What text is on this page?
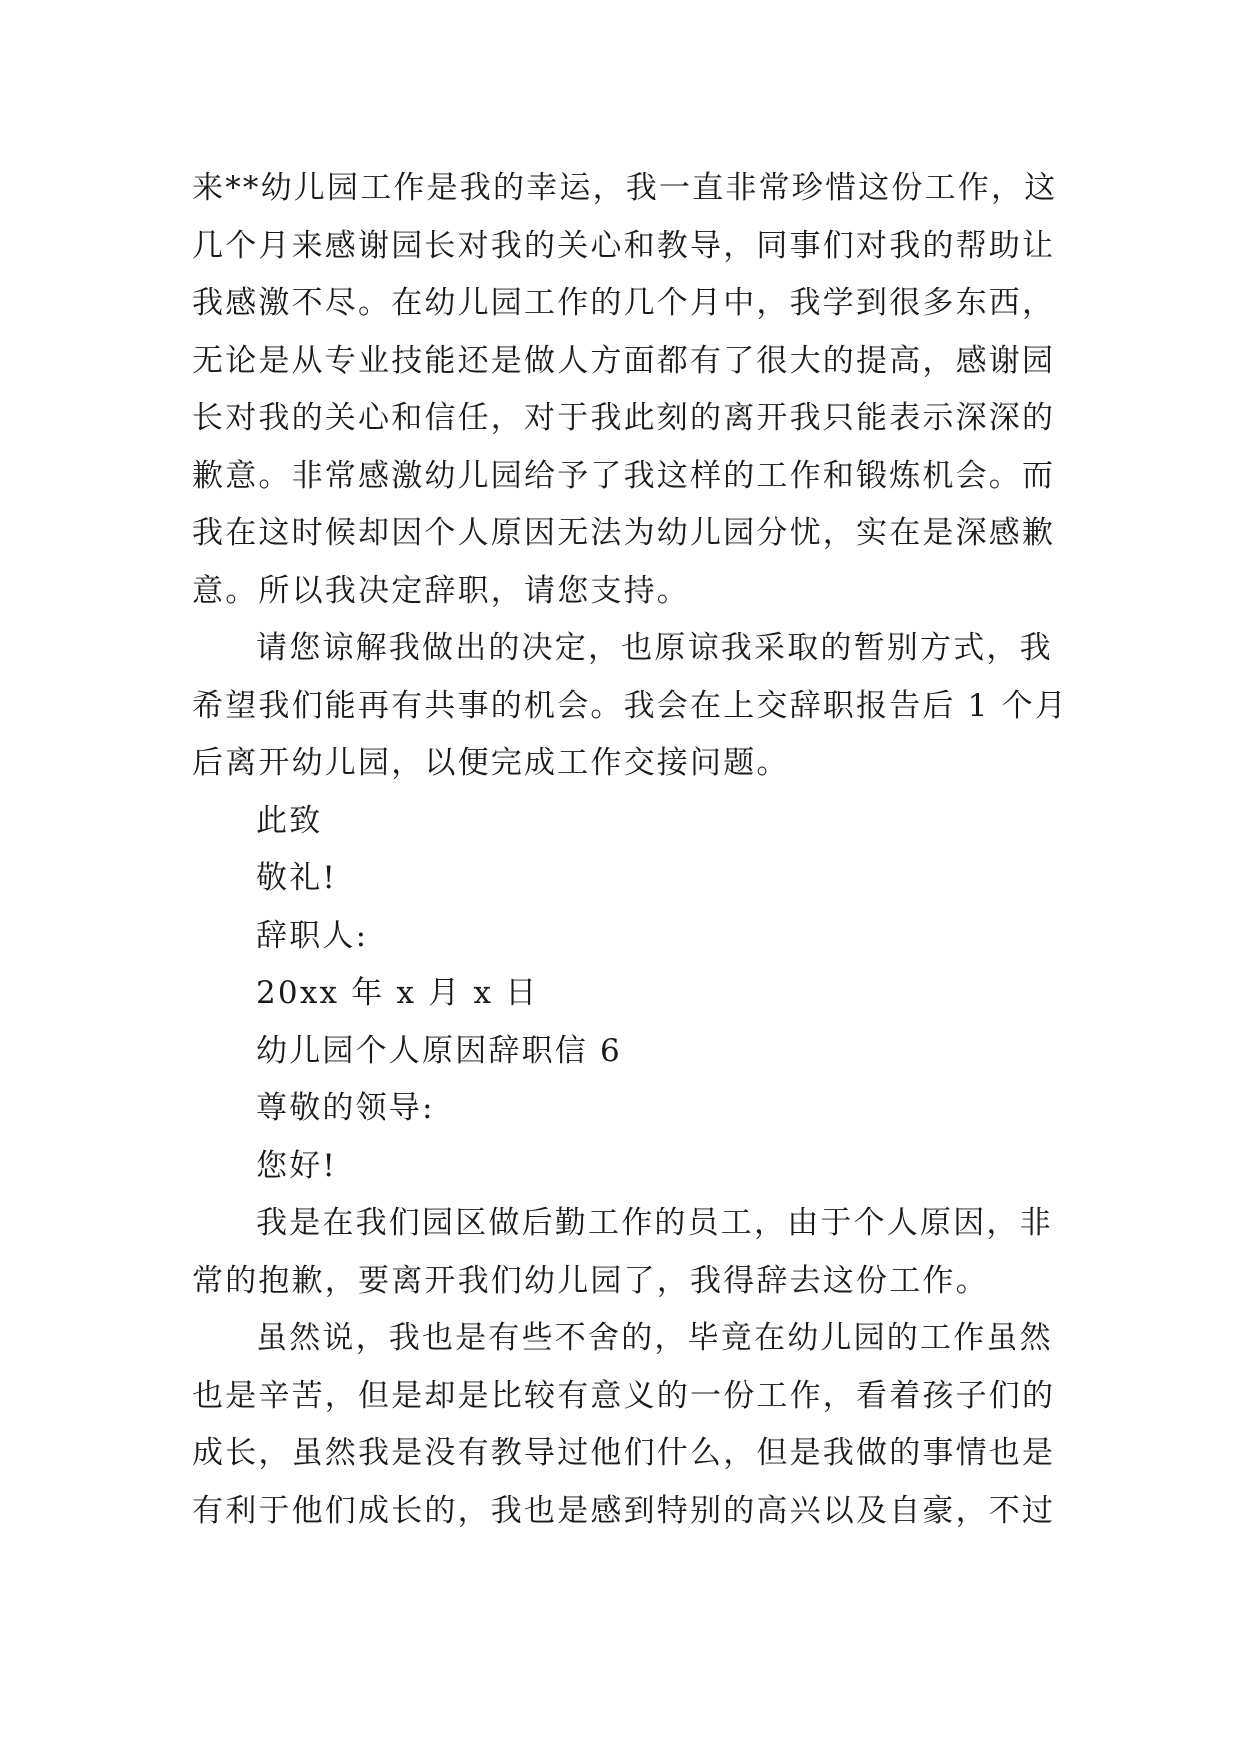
来**幼儿园工作是我的幸运，我一直非常珍惜这份工作，这
几个月来感谢园长对我的关心和教导，同事们对我的帮助让
我感激不尽。在幼儿园工作的几个月中，我学到很多东西，
无论是从专业技能还是做人方面都有了很大的提高，感谢园
长对我的关心和信任，对于我此刻的离开我只能表示深深的
歉意。非常感激幼儿园给予了我这样的工作和锻炼机会。而
我在这时候却因个人原因无法为幼儿园分忧，实在是深感歉
意。所以我决定辞职，请您支持。
请您谅解我做出的决定，也原谅我采取的暂别方式，我
希望我们能再有共事的机会。我会在上交辞职报告后 1 个月
后离开幼儿园，以便完成工作交接问题。
此致
敬礼!
辞职人:
20xx 年 x 月 x 日
幼儿园个人原因辞职信 6
尊敬的领导:
您好!
我是在我们园区做后勤工作的员工，由于个人原因，非
常的抱歉，要离开我们幼儿园了，我得辞去这份工作。
虽然说，我也是有些不舍的，毕竟在幼儿园的工作虽然
也是辛苦，但是却是比较有意义的一份工作，看着孩子们的
成长，虽然我是没有教导过他们什么，但是我做的事情也是
有利于他们成长的，我也是感到特别的高兴以及自豪，不过
